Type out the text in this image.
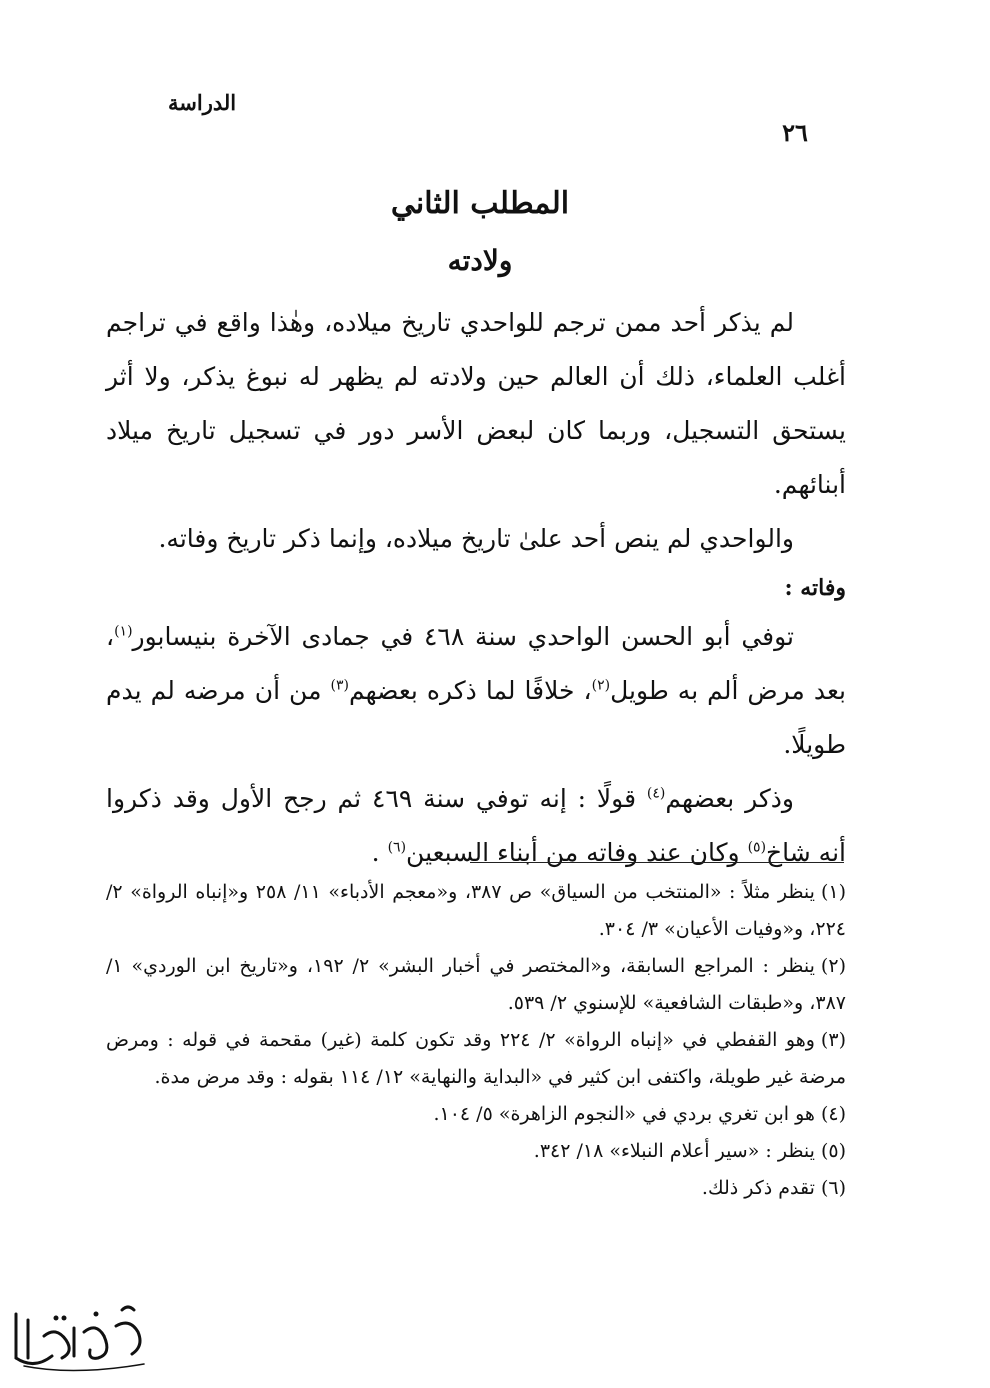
الدراسة
٢٦
المطلب الثاني
ولادته

لم يذكر أحد ممن ترجم للواحدي تاريخ ميلاده، وهٰذا واقع في تراجم أغلب العلماء، ذلك أن العالم حين ولادته لم يظهر له نبوغ يذكر، ولا أثر يستحق التسجيل، وربما كان لبعض الأسر دور في تسجيل تاريخ ميلاد أبنائهم.

والواحدي لم ينص أحد علىٰ تاريخ ميلاده، وإنما ذكر تاريخ وفاته.

وفاته :

توفي أبو الحسن الواحدي سنة ٤٦٨ في جمادى الآخرة بنيسابور$^{(١)}$، بعد مرض ألم به طويل$^{(٢)}$، خلافًا لما ذكره بعضهم$^{(٣)}$ من أن مرضه لم يدم طويلًا.

وذكر بعضهم$^{(٤)}$ قولًا : إنه توفي سنة ٤٦٩ ثم رجح الأول وقد ذكروا أنه شاخ$^{(٥)}$ وكان عند وفاته من أبناء السبعين$^{(٦)}$ .

(١)ينظر مثلاً : «المنتخب من السياق» ص ٣٨٧، و«معجم الأدباء» ١١/ ٢٥٨ و«إنباه الرواة» ٢/ ٢٢٤، و«وفيات الأعيان» ٣/ ٣٠٤.

(٢)ينظر : المراجع السابقة، و«المختصر في أخبار البشر» ٢/ ١٩٢، و«تاريخ ابن الوردي» ١/ ٣٨٧، و«طبقات الشافعية» للإسنوي ٢/ ٥٣٩.

(٣)وهو القفطي في «إنباه الرواة» ٢/ ٢٢٤ وقد تكون كلمة (غير) مقحمة في قوله : ومرض مرضة غير طويلة، واكتفى ابن كثير في «البداية والنهاية» ١٢/ ١١٤ بقوله : وقد مرض مدة.

(٤)هو ابن تغري بردي في «النجوم الزاهرة» ٥/ ١٠٤.

(٥)ينظر : «سير أعلام النبلاء» ١٨/ ٣٤٢.

(٦)تقدم ذكر ذلك.
